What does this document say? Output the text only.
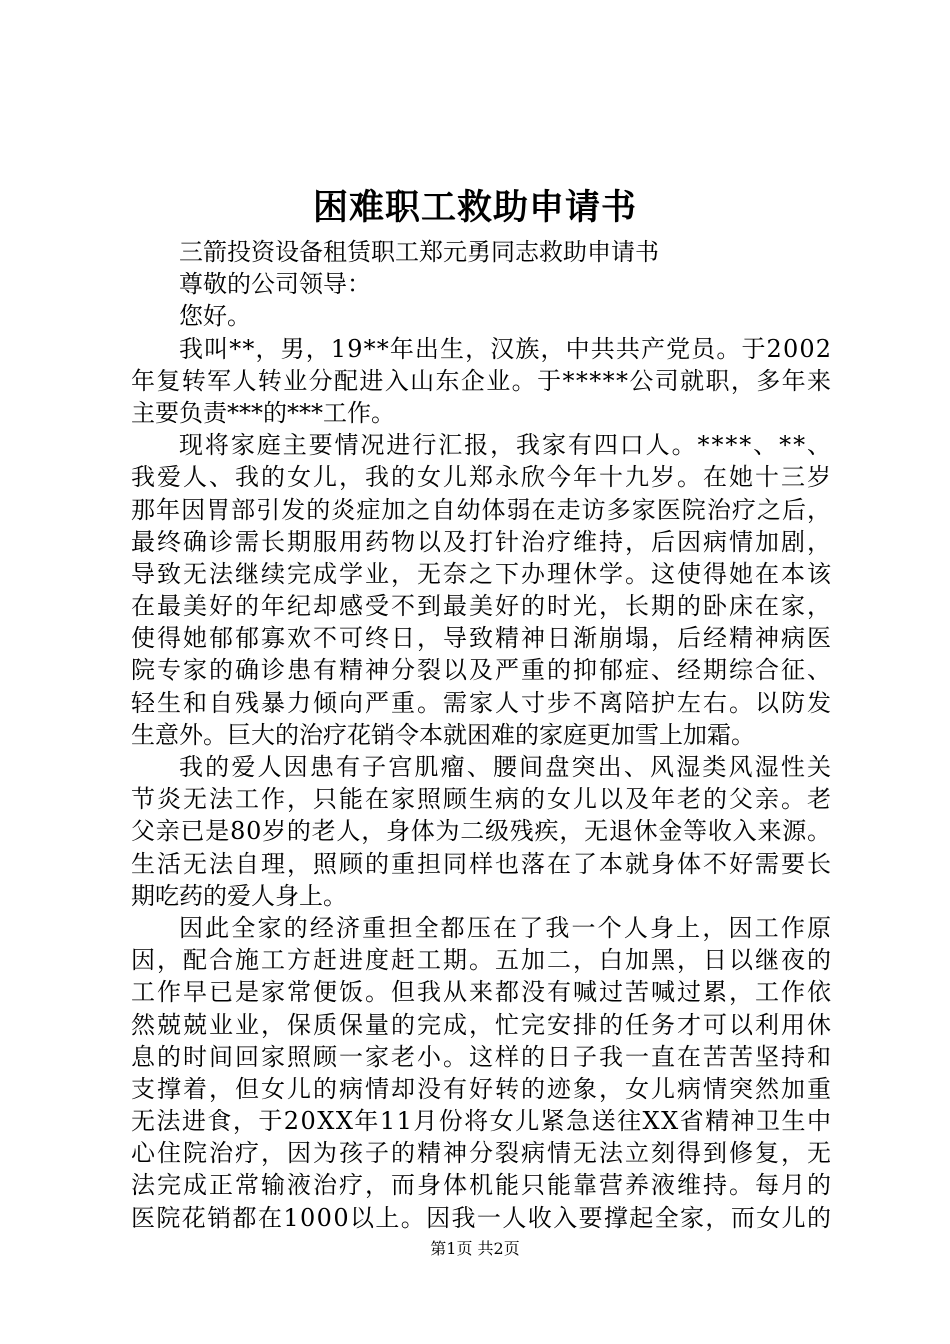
困难职工救助申请书
三箭投资设备租赁职工郑元勇同志救助申请书
尊敬的公司领导：
您好。
我叫**，男，19**年出生，汉族，中共共产党员。于2002
年复转军人转业分配进入山东企业。于*****公司就职，多年来
主要负责***的***工作。
现将家庭主要情况进行汇报，我家有四口人。****、**、
我爱人、我的女儿，我的女儿郑永欣今年十九岁。在她十三岁
那年因胃部引发的炎症加之自幼体弱在走访多家医院治疗之后，
最终确诊需长期服用药物以及打针治疗维持，后因病情加剧，
导致无法继续完成学业，无奈之下办理休学。这使得她在本该
在最美好的年纪却感受不到最美好的时光，长期的卧床在家，
使得她郁郁寡欢不可终日，导致精神日渐崩塌，后经精神病医
院专家的确诊患有精神分裂以及严重的抑郁症、经期综合征、
轻生和自残暴力倾向严重。需家人寸步不离陪护左右。以防发
生意外。巨大的治疗花销令本就困难的家庭更加雪上加霜。
我的爱人因患有子宫肌瘤、腰间盘突出、风湿类风湿性关
节炎无法工作，只能在家照顾生病的女儿以及年老的父亲。老
父亲已是80岁的老人，身体为二级残疾，无退休金等收入来源。
生活无法自理，照顾的重担同样也落在了本就身体不好需要长
期吃药的爱人身上。
因此全家的经济重担全都压在了我一个人身上，因工作原
因，配合施工方赶进度赶工期。五加二，白加黑，日以继夜的
工作早已是家常便饭。但我从来都没有喊过苦喊过累，工作依
然兢兢业业，保质保量的完成，忙完安排的任务才可以利用休
息的时间回家照顾一家老小。这样的日子我一直在苦苦坚持和
支撑着，但女儿的病情却没有好转的迹象，女儿病情突然加重
无法进食，于20XX年11月份将女儿紧急送往XX省精神卫生中
心住院治疗，因为孩子的精神分裂病情无法立刻得到修复，无
法完成正常输液治疗，而身体机能只能靠营养液维持。每月的
医院花销都在1000以上。因我一人收入要撑起全家，而女儿的
第1页 共2页
